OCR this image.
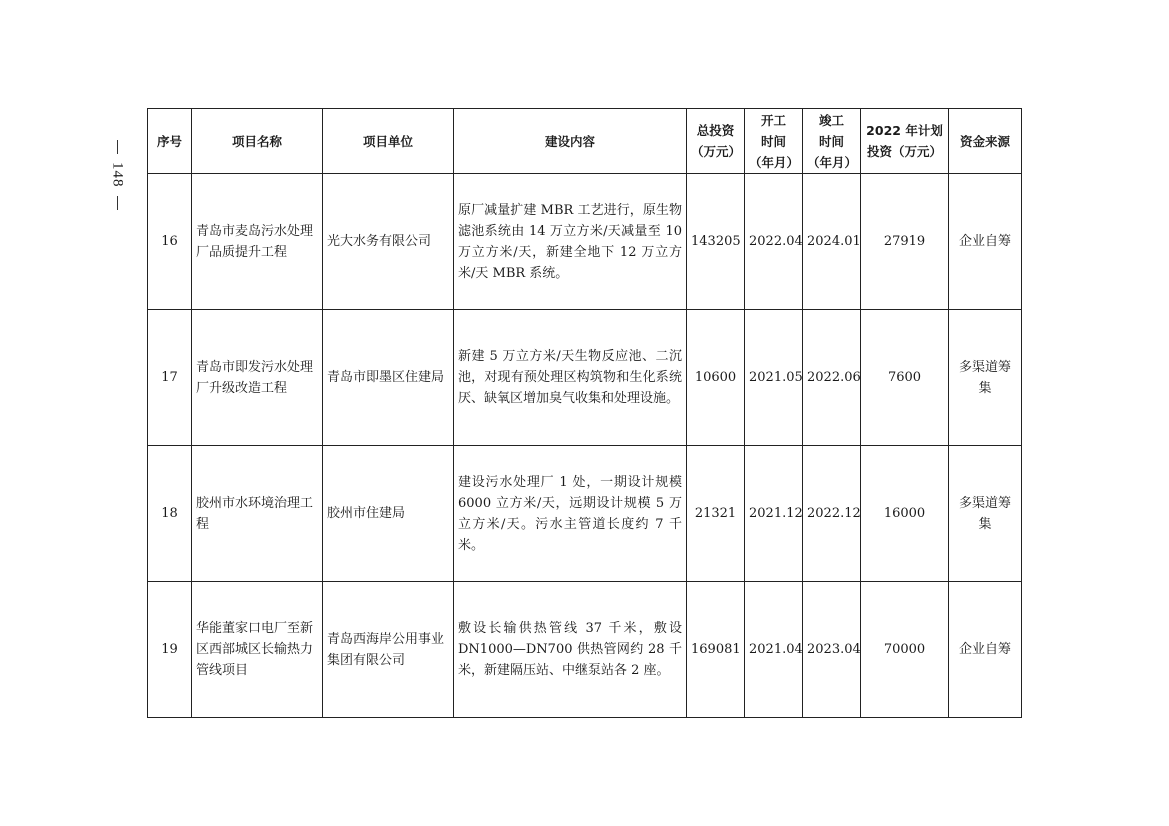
148
序号	项目名称	项目单位	建设内容	总投资
（万元）	开工
时间
（年月）	竣工
时间
（年月）	2022 年计划
投资（万元）	资金来源
16	青岛市麦岛污水处理厂品质提升工程	光大水务有限公司	原厂减量扩建 MBR 工艺进行，原生物滤池系统由 14 万立方米/天减量至 10 万立方米/天，新建全地下 12 万立方米/天 MBR 系统。	143205	2022.04	2024.01	27919	企业自筹
17	青岛市即发污水处理厂升级改造工程	青岛市即墨区住建局	新建 5 万立方米/天生物反应池、二沉池，对现有预处理区构筑物和生化系统厌、缺氧区增加臭气收集和处理设施。	10600	2021.05	2022.06	7600	多渠道筹集
18	胶州市水环境治理工程	胶州市住建局	建设污水处理厂 1 处，一期设计规模 6000 立方米/天，远期设计规模 5 万立方米/天。污水主管道长度约 7 千米。	21321	2021.12	2022.12	16000	多渠道筹集
19	华能董家口电厂至新区西部城区长输热力管线项目	青岛西海岸公用事业集团有限公司	敷设长输供热管线 37 千米，敷设 DN1000—DN700 供热管网约 28 千米，新建隔压站、中继泵站各 2 座。	169081	2021.04	2023.04	70000	企业自筹
